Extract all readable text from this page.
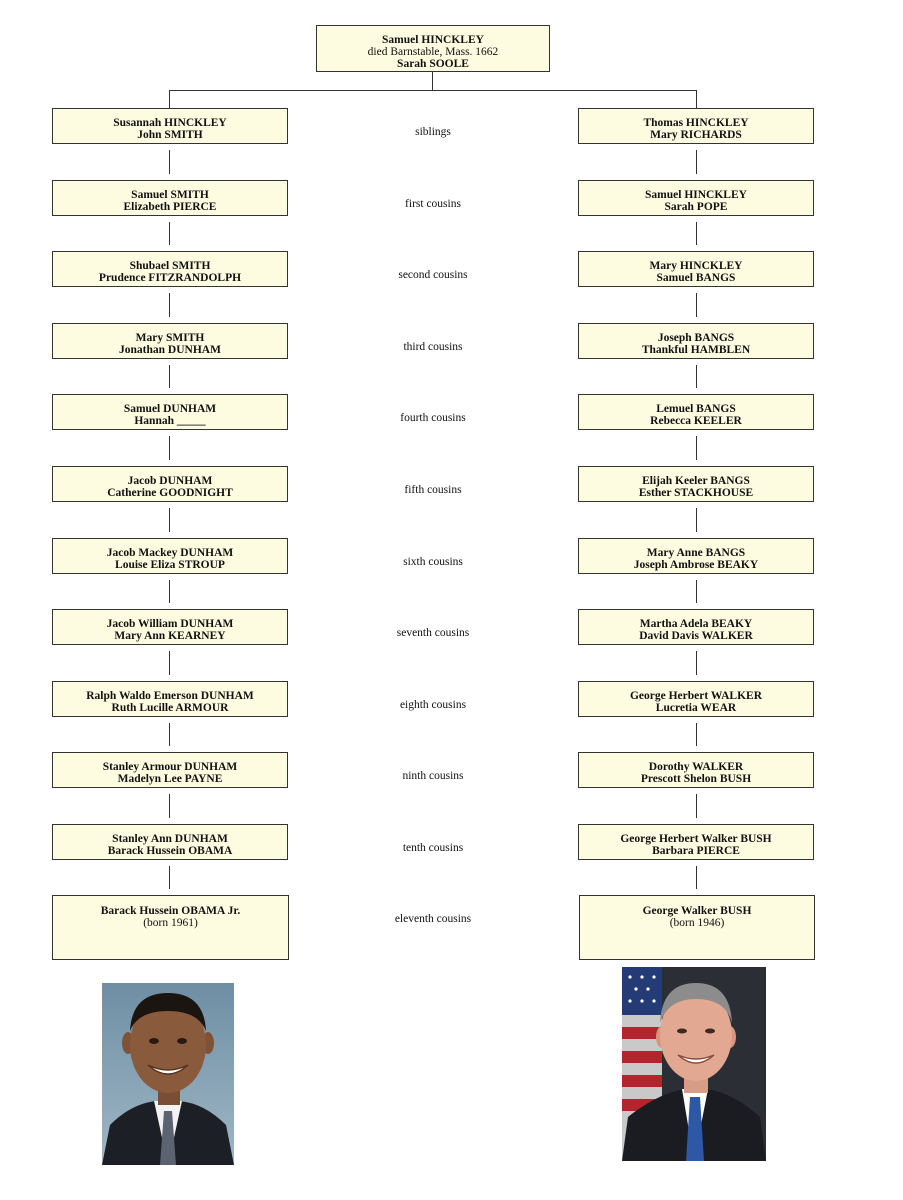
Samuel HINCKLEY
died Barnstable, Mass. 1662
Sarah SOOLE
Susannah HINCKLEY
John SMITH	siblings
Thomas HINCKLEY
Mary RICHARDS
Samuel SMITH
Elizabeth PIERCE	first cousins
Samuel HINCKLEY
Sarah POPE
Shubael SMITH
Prudence FITZRANDOLPH	second cousins
Mary HINCKLEY
Samuel BANGS
Mary SMITH
Jonathan DUNHAM	third cousins
Joseph BANGS
Thankful HAMBLEN
Samuel DUNHAM
Hannah _____	fourth cousins
Lemuel BANGS
Rebecca KEELER
Jacob DUNHAM
Catherine GOODNIGHT	fifth cousins
Elijah Keeler BANGS
Esther STACKHOUSE
Jacob Mackey DUNHAM
Louise Eliza STROUP	sixth cousins
Mary Anne BANGS
Joseph Ambrose BEAKY
Jacob William DUNHAM
Mary Ann KEARNEY	seventh cousins
Martha Adela BEAKY
David Davis WALKER
Ralph Waldo Emerson DUNHAM
Ruth Lucille ARMOUR	eighth cousins
George Herbert WALKER
Lucretia WEAR
Stanley Armour DUNHAM
Madelyn Lee PAYNE	ninth cousins
Dorothy WALKER
Prescott Shelon BUSH
Stanley Ann DUNHAM
Barack Hussein OBAMA	tenth cousins
George Herbert Walker BUSH
Barbara PIERCE
Barack Hussein OBAMA Jr.
(born 1961)	eleventh cousins
George Walker BUSH
(born 1946)
